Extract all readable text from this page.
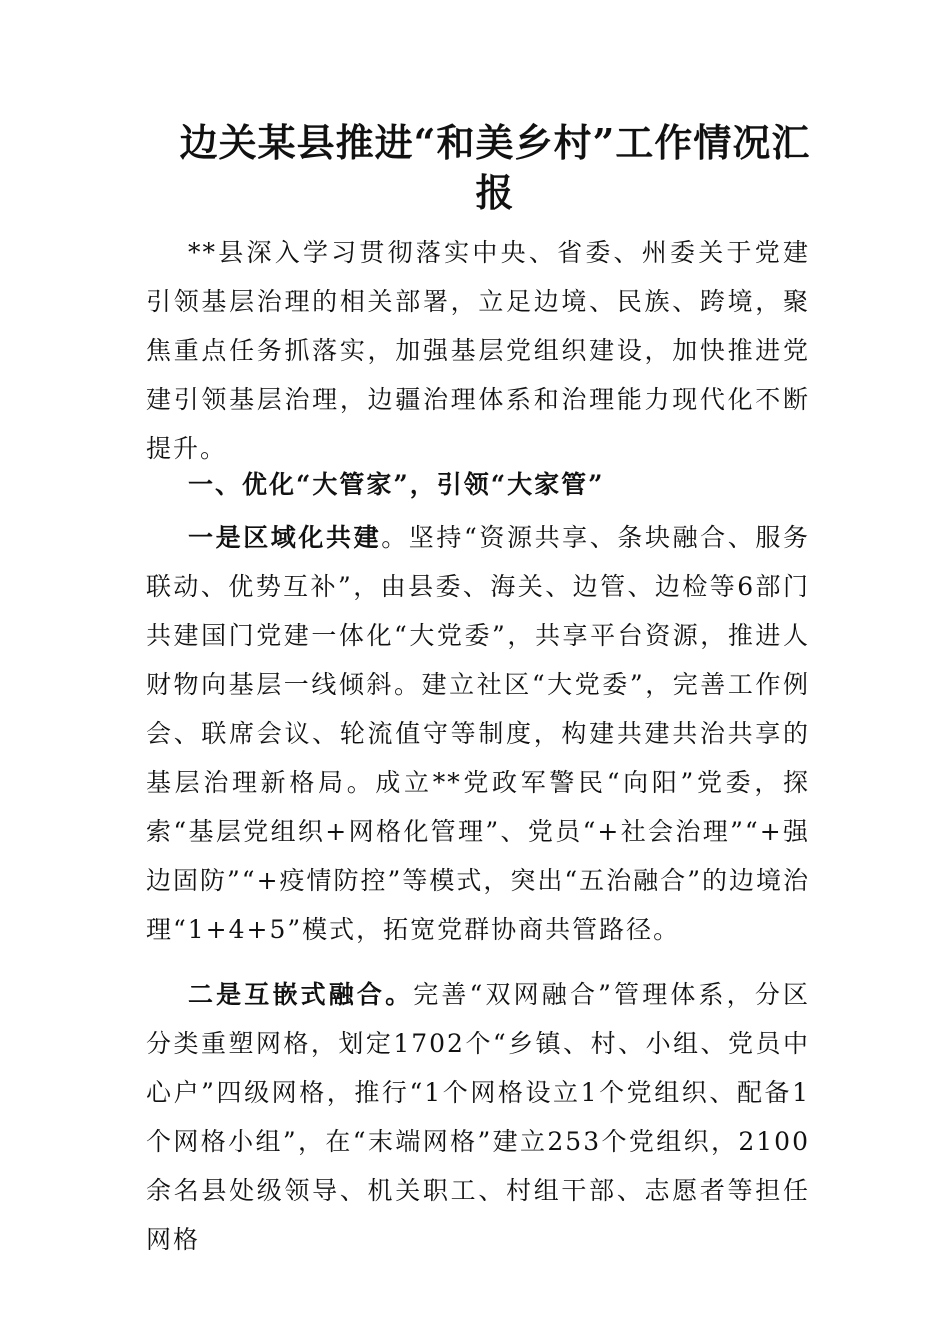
边关某县推进“和美乡村”工作情况汇
报

**县深入学习贯彻落实中央、省委、州委关于党建引领基层治理的相关部署，立足边境、民族、跨境，聚焦重点任务抓落实，加强基层党组织建设，加快推进党建引领基层治理，边疆治理体系和治理能力现代化不断提升。

一、优化“大管家”，引领“大家管”

一是区域化共建。坚持“资源共享、条块融合、服务联动、优势互补”，由县委、海关、边管、边检等6部门共建国门党建一体化“大党委”，共享平台资源，推进人财物向基层一线倾斜。建立社区“大党委”，完善工作例会、联席会议、轮流值守等制度，构建共建共治共享的基层治理新格局。成立**党政军警民“向阳”党委，探索“基层党组织+网格化管理”、党员“+社会治理”“+强边固防”“+疫情防控”等模式，突出“五治融合”的边境治理“1+4+5”模式，拓宽党群协商共管路径。

二是互嵌式融合。完善“双网融合”管理体系，分区分类重塑网格，划定1702个“乡镇、村、小组、党员中心户”四级网格，推行“1个网格设立1个党组织、配备1个网格小组”，在“末端网格”建立253个党组织，2100余名县处级领导、机关职工、村组干部、志愿者等担任网格
